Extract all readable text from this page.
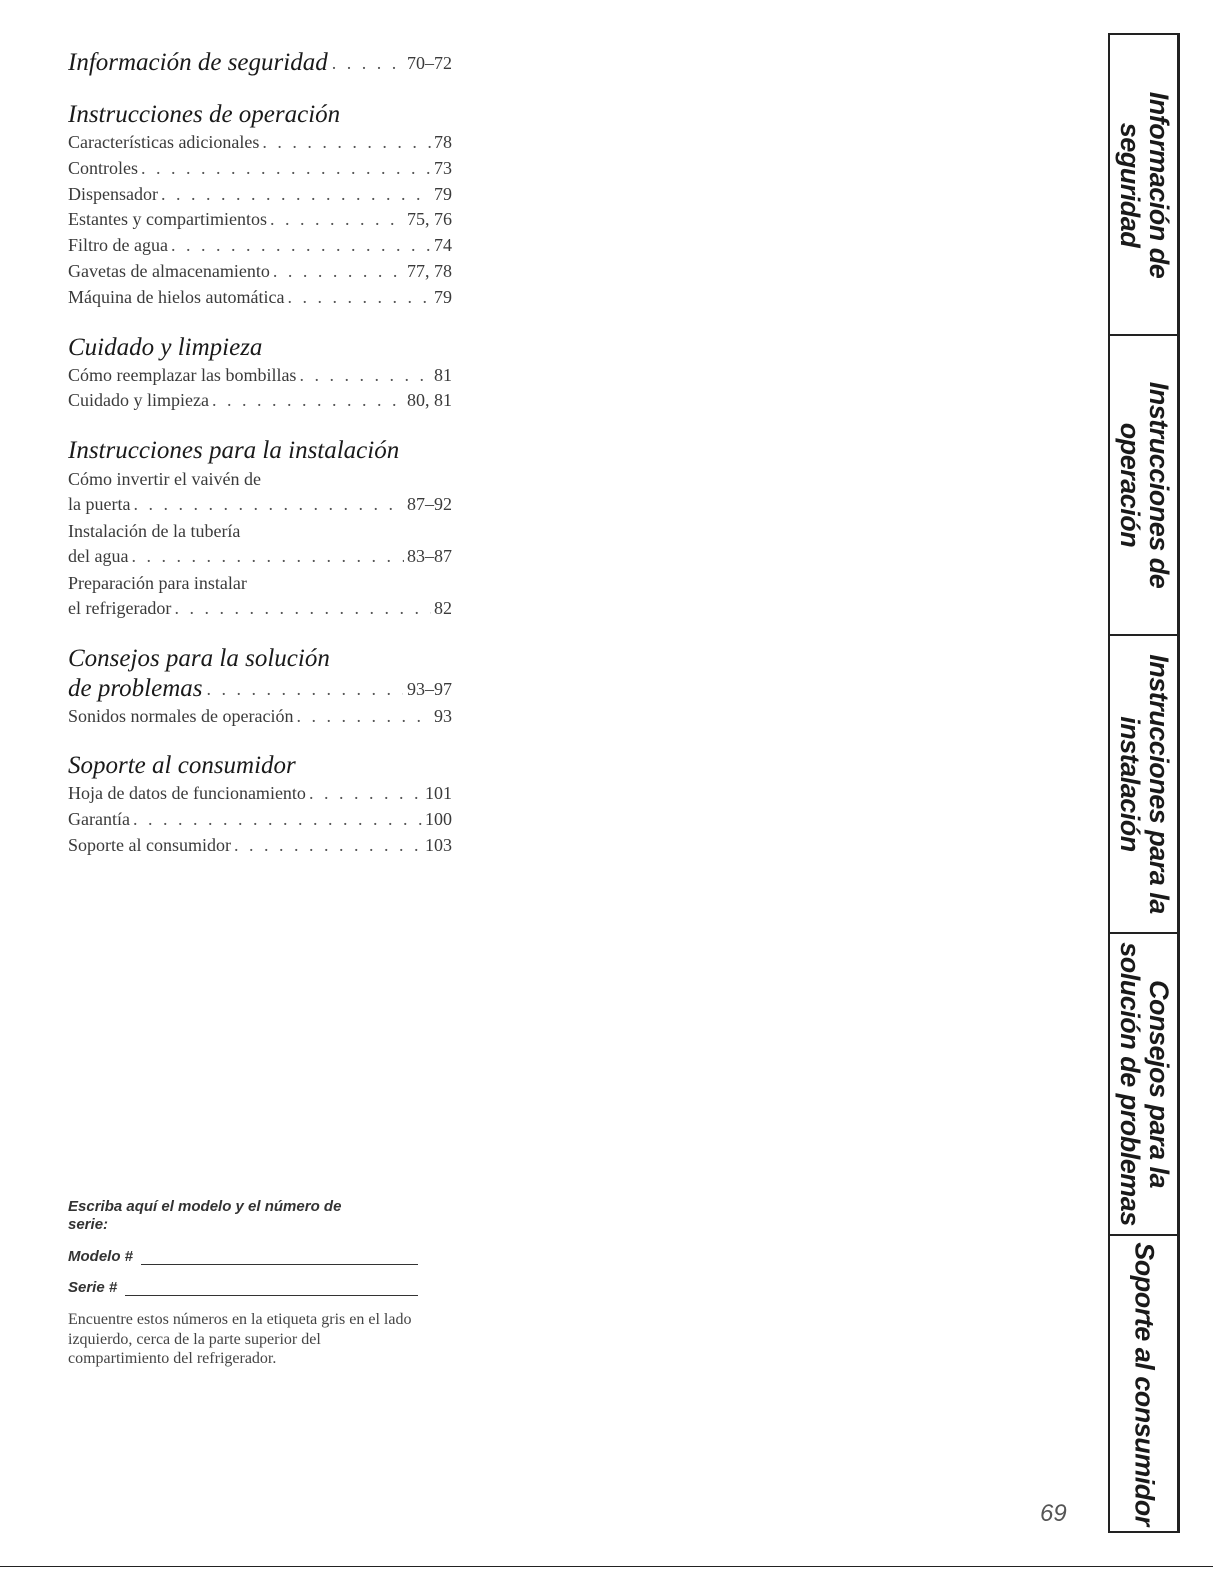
Información de seguridad . . .	70–72
Instrucciones de operación
Características adicionales . . .	78
Controles . . .	73
Dispensador . . .	79
Estantes y compartimientos . . .	75, 76
Filtro de agua . . .	74
Gavetas de almacenamiento . . .	77, 78
Máquina de hielos automática . . .	79
Cuidado y limpieza
Cómo reemplazar las bombillas . . .	81
Cuidado y limpieza . . .	80, 81
Instrucciones para la instalación
Cómo invertir el vaivén de
la puerta . . .	87–92
Instalación de la tubería
del agua . . .	83–87
Preparación para instalar
el refrigerador . . .	82
Consejos para la solución
de problemas . . .	93–97
Sonidos normales de operación . . .	93
Soporte al consumidor
Hoja de datos de funcionamiento . . .	101
Garantía . . .	100
Soporte al consumidor . . .	103
Escriba aquí el modelo y el número de serie:
Modelo #
Serie #
Encuentre estos números en la etiqueta gris en el lado izquierdo, cerca de la parte superior del compartimiento del refrigerador.
69
Información de
seguridad
Instrucciones de
operación
Instrucciones para la
instalación
Consejos para la
solución de problemas
Soporte al consumidor
